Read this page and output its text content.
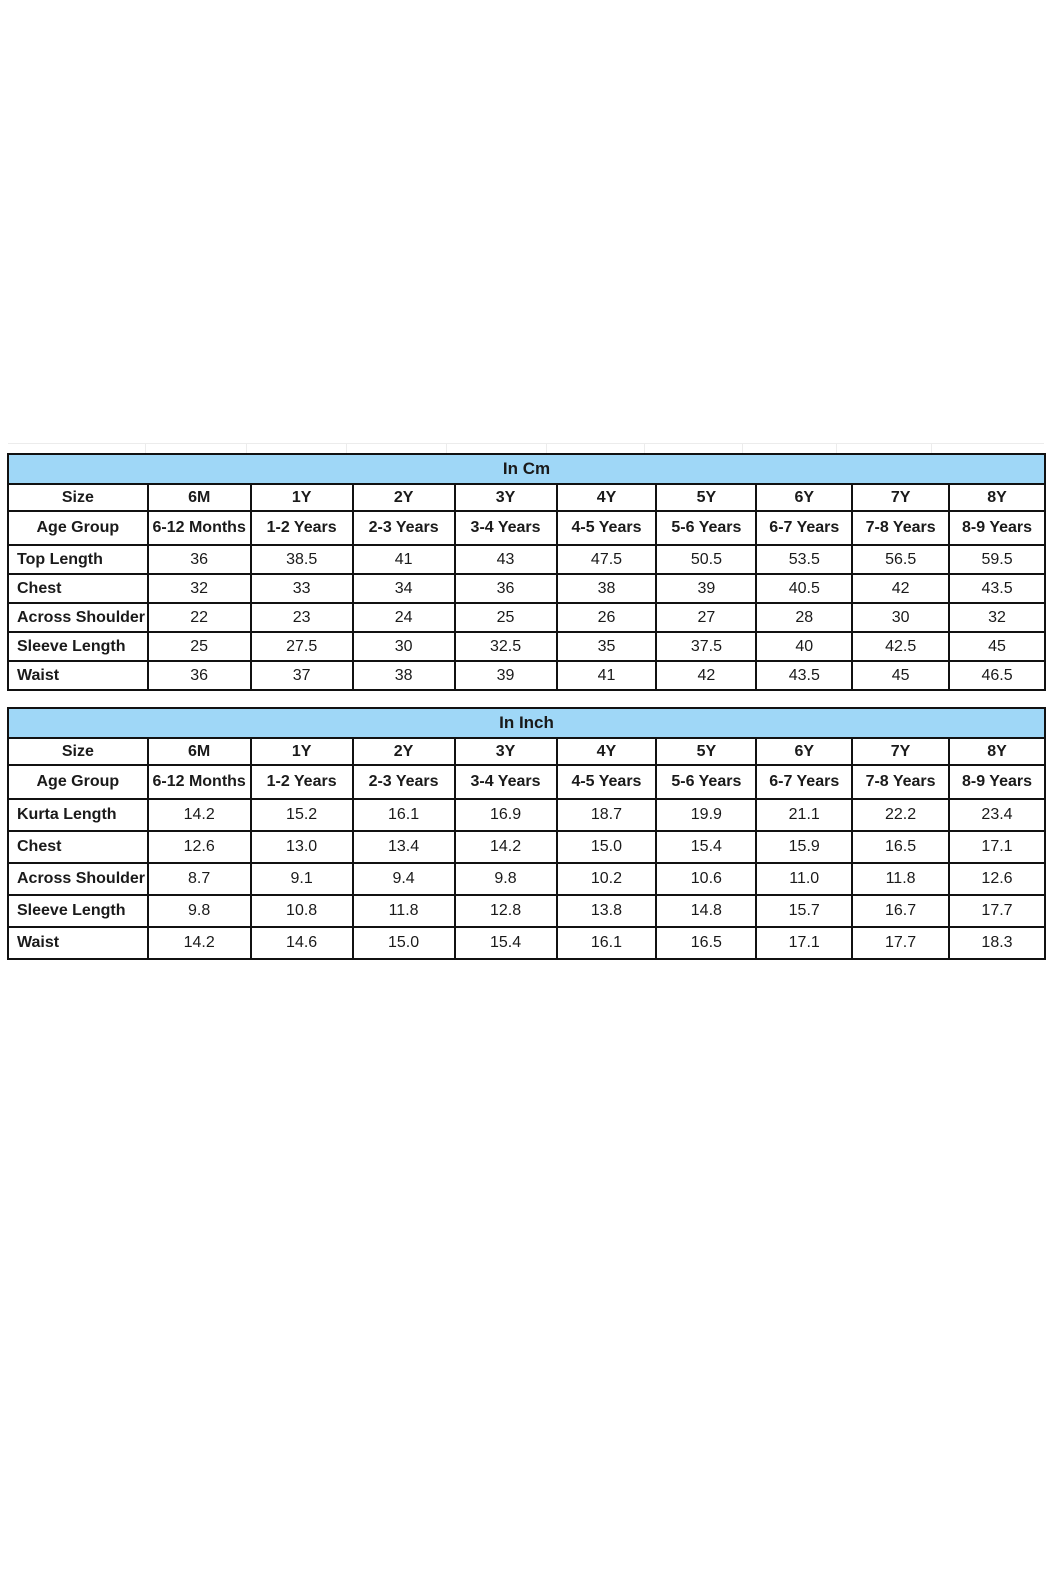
In Cm									
Size	6M	1Y	2Y	3Y	4Y	5Y	6Y	7Y	8Y
Age Group	6-12 Months	1-2 Years	2-3 Years	3-4 Years	4-5 Years	5-6 Years	6-7 Years	7-8 Years	8-9 Years
Top Length	36	38.5	41	43	47.5	50.5	53.5	56.5	59.5
Chest	32	33	34	36	38	39	40.5	42	43.5
Across Shoulder	22	23	24	25	26	27	28	30	32
Sleeve Length	25	27.5	30	32.5	35	37.5	40	42.5	45
Waist	36	37	38	39	41	42	43.5	45	46.5
In Inch									
Size	6M	1Y	2Y	3Y	4Y	5Y	6Y	7Y	8Y
Age Group	6-12 Months	1-2 Years	2-3 Years	3-4 Years	4-5 Years	5-6 Years	6-7 Years	7-8 Years	8-9 Years
Kurta Length	14.2	15.2	16.1	16.9	18.7	19.9	21.1	22.2	23.4
Chest	12.6	13.0	13.4	14.2	15.0	15.4	15.9	16.5	17.1
Across Shoulder	8.7	9.1	9.4	9.8	10.2	10.6	11.0	11.8	12.6
Sleeve Length	9.8	10.8	11.8	12.8	13.8	14.8	15.7	16.7	17.7
Waist	14.2	14.6	15.0	15.4	16.1	16.5	17.1	17.7	18.3
